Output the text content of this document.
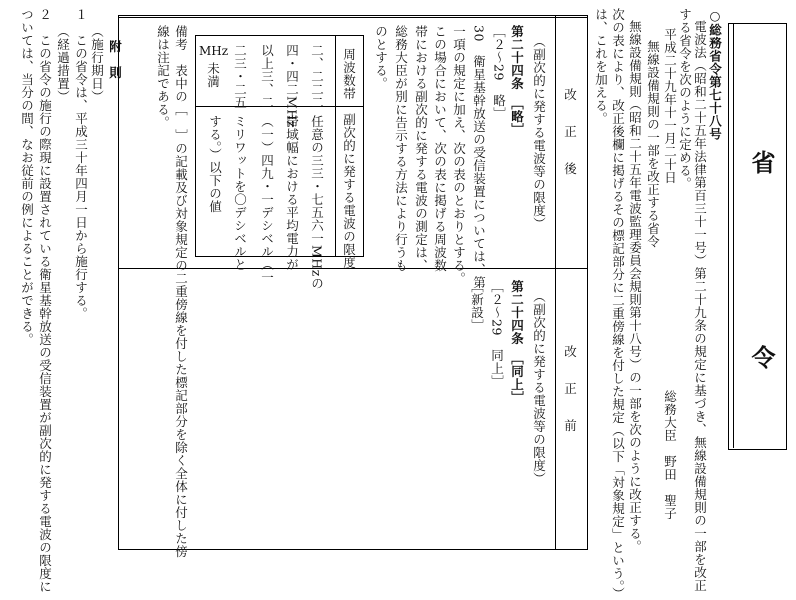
省
令
○総務省令第七十八号
電波法（昭和二十五年法律第百三十一号）第二十九条の規定に基づき、無線設備規則の一部を改正
する省令を次のように定める。
平成二十九年十一月二十日
総務大臣　野田　聖子
無線設備規則の一部を改正する省令
無線設備規則（昭和二十五年電波監理委員会規則第十八号）の一部を次のように改正する。
次の表により、改正後欄に掲げるその標記部分に二重傍線を付した規定（以下「対象規定」という。）
は、これを加える。
改　正　後
改　正　前
（副次的に発する電波等の限度）
第二十四条　［略］
［２～29　略］
30　衛星基幹放送の受信装置については、第
一項の規定に加え、次の表のとおりとする。
この場合において、次の表に掲げる周波数
帯における副次的に発する電波の測定は、
総務大臣が別に告示する方法により行うも
のとする。
周波数帯
副次的に発する電波の限度
二、二二二
四・四二MHz
以上三、二
二三・二五
MHz
未満
任意の三三・七五六一MHzの
帯域幅における平均電力が
（一）四九・一デシベル（一
ミリワットを〇デシベルと
する。）以下の値
（副次的に発する電波等の限度）
第二十四条　［同上］
［２～29　同上］
［新設］
備考　表中の［　］の記載及び対象規定の二重傍線を付した標記部分を除く全体に付した傍
線は注記である。
附　則
（施行期日）
１　この省令は、平成三十年四月一日から施行する。
（経過措置）
２　この省令の施行の際現に設置されている衛星基幹放送の受信装置が副次的に発する電波の限度に
ついては、当分の間、なお従前の例によることができる。
